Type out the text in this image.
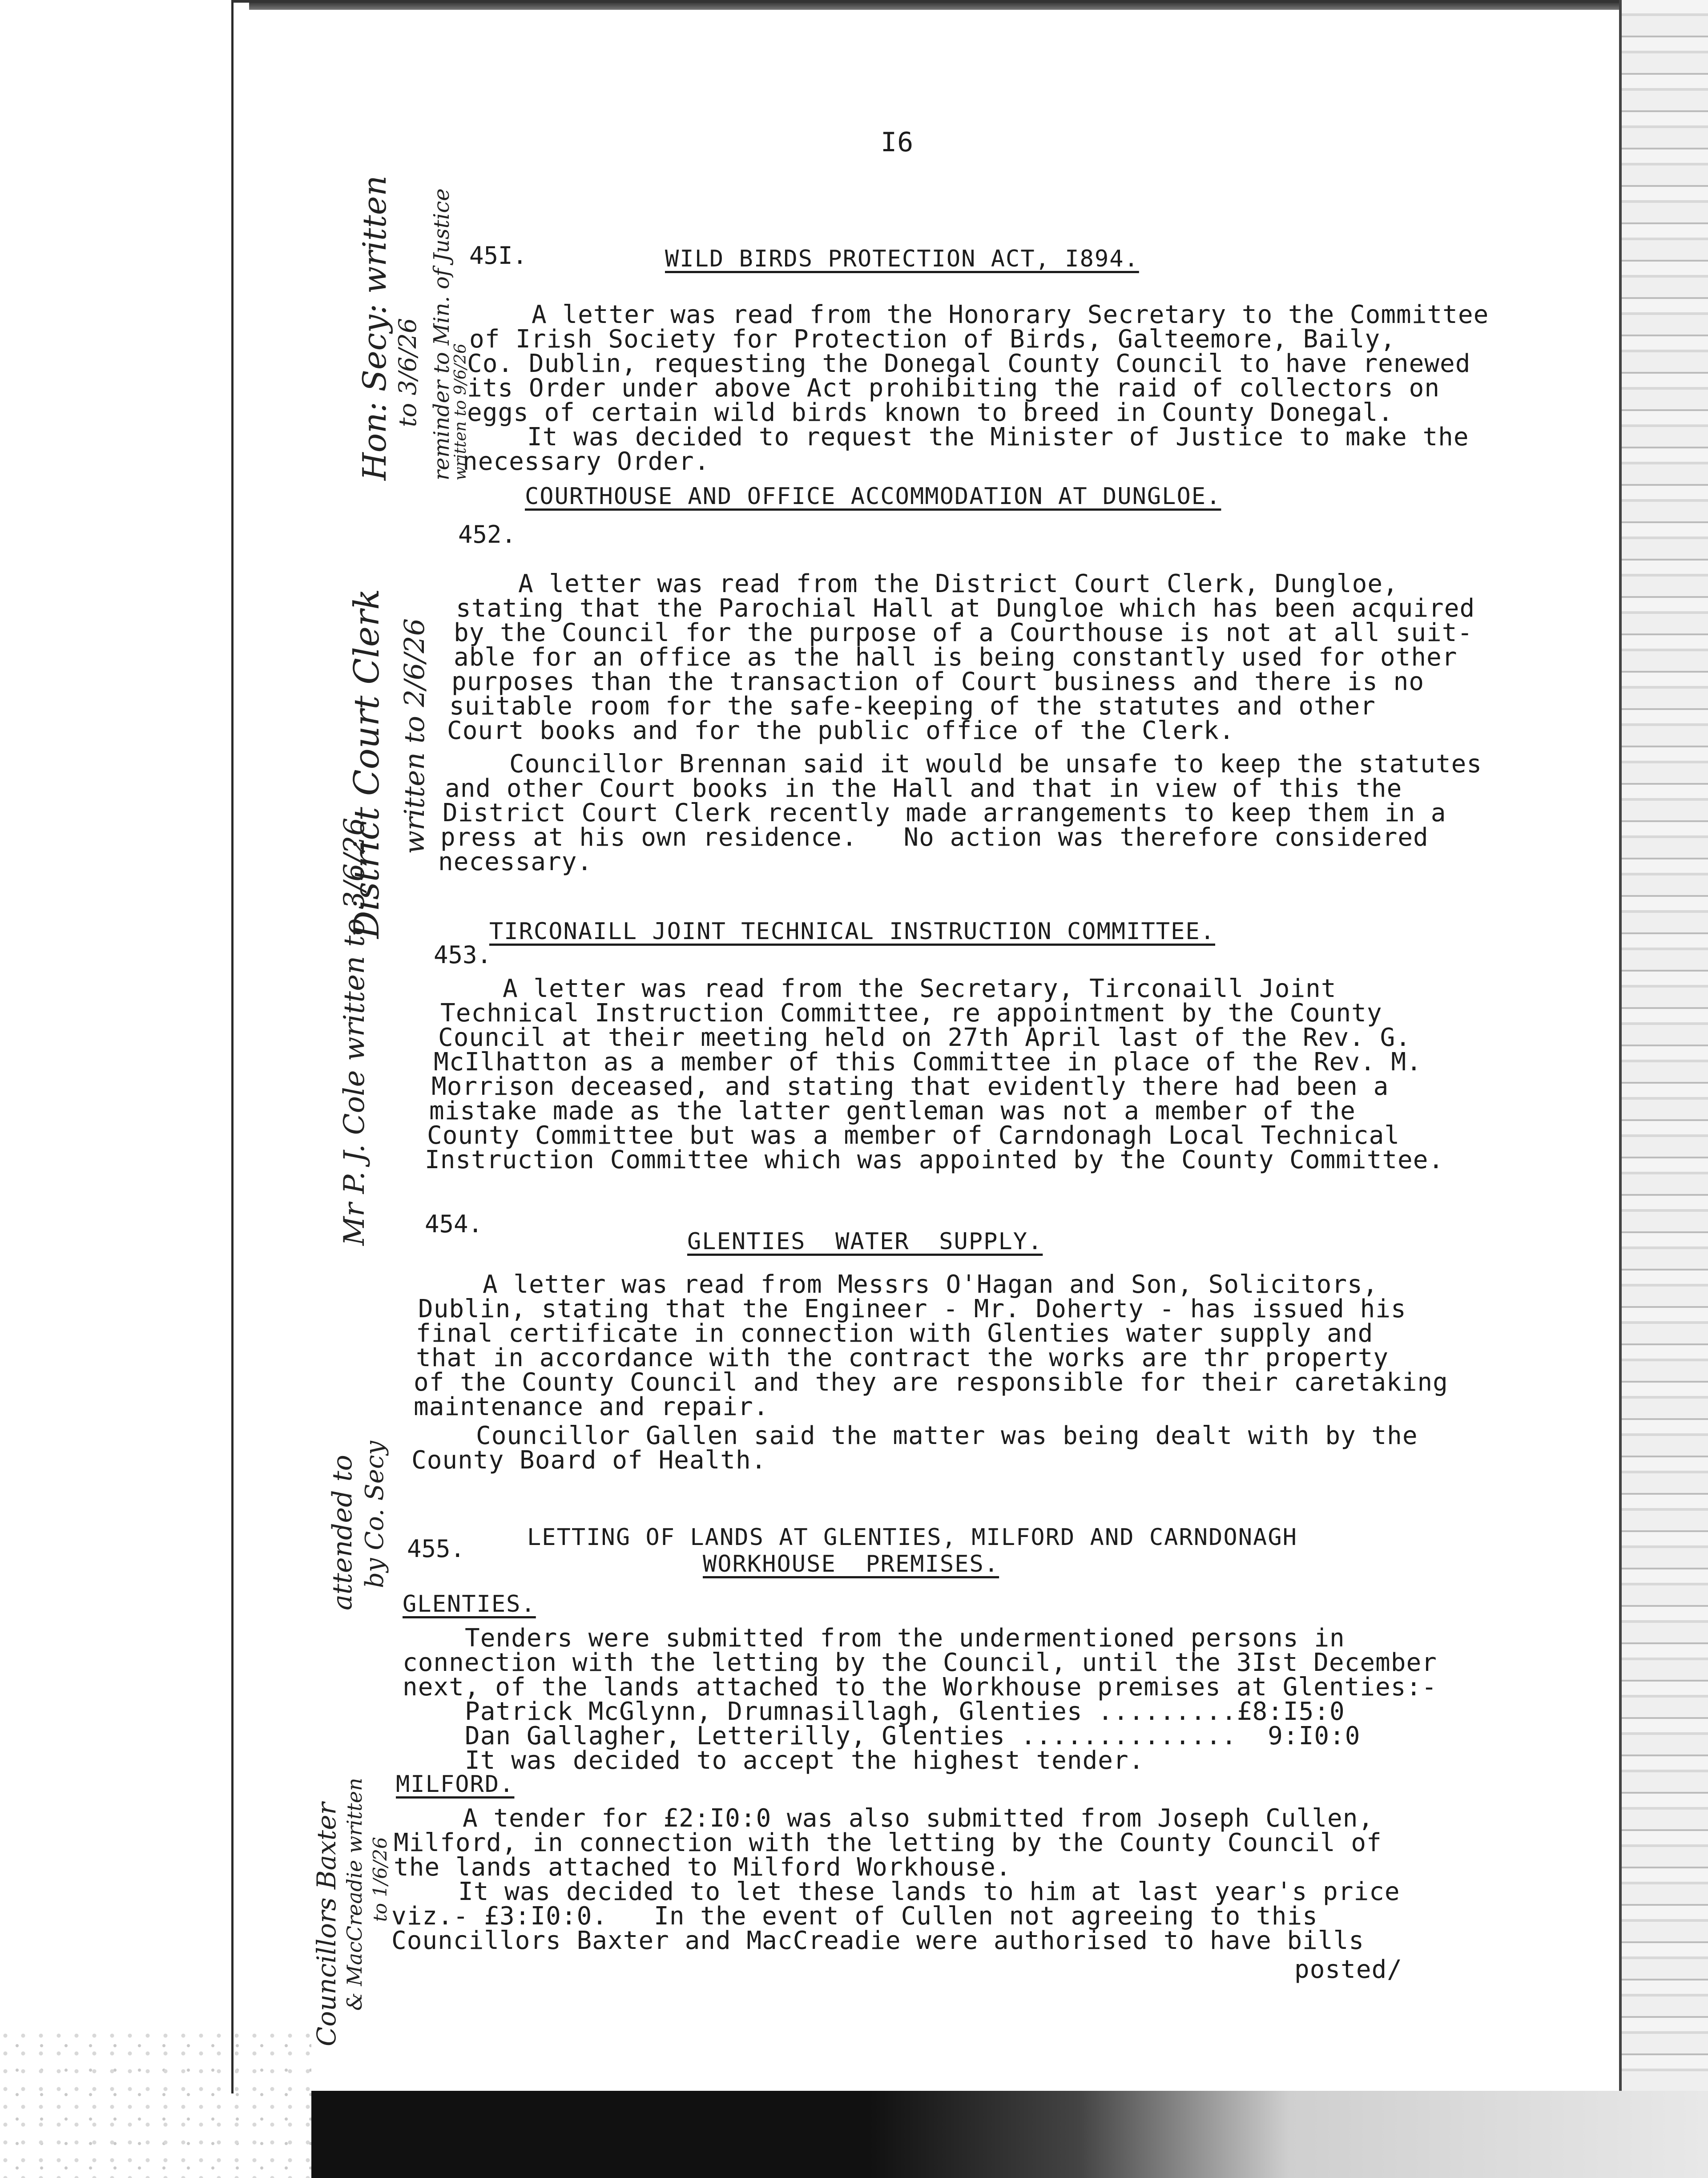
I6
45I.	WILD BIRDS PROTECTION ACT, I894.
A letter was read from the Honorary Secretary to the Committee
of Irish Society for Protection of Birds, Galteemore, Baily,
Co. Dublin, requesting the Donegal County Council to have renewed
its Order under above Act prohibiting the raid of collectors on
eggs of certain wild birds known to breed in County Donegal.
It was decided to request the Minister of Justice to make the
necessary Order.
COURTHOUSE AND OFFICE ACCOMMODATION AT DUNGLOE.
452.
A letter was read from the District Court Clerk, Dungloe,
stating that the Parochial Hall at Dungloe which has been acquired
by the Council for the purpose of a Courthouse is not at all suit-
able for an office as the hall is being constantly used for other
purposes than the transaction of Court business and there is no
suitable room for the safe-keeping of the statutes and other
Court books and for the public office of the Clerk.
Councillor Brennan said it would be unsafe to keep the statutes
and other Court books in the Hall and that in view of this the
District Court Clerk recently made arrangements to keep them in a
press at his own residence.   No action was therefore considered
necessary.
TIRCONAILL JOINT TECHNICAL INSTRUCTION COMMITTEE.
453.
A letter was read from the Secretary, Tirconaill Joint
Technical Instruction Committee, re appointment by the County
Council at their meeting held on 27th April last of the Rev. G.
McIlhatton as a member of this Committee in place of the Rev. M.
Morrison deceased, and stating that evidently there had been a
mistake made as the latter gentleman was not a member of the
County Committee but was a member of Carndonagh Local Technical
Instruction Committee which was appointed by the County Committee.
454.
GLENTIES  WATER  SUPPLY.
A letter was read from Messrs O'Hagan and Son, Solicitors,
Dublin, stating that the Engineer - Mr. Doherty - has issued his
final certificate in connection with Glenties water supply and
that in accordance with the contract the works are thr property
of the County Council and they are responsible for their caretaking
maintenance and repair.
Councillor Gallen said the matter was being dealt with by the
County Board of Health.
455.	LETTING OF LANDS AT GLENTIES, MILFORD AND CARNDONAGH
WORKHOUSE  PREMISES.
GLENTIES.
Tenders were submitted from the undermentioned persons in
connection with the letting by the Council, until the 3Ist December
next, of the lands attached to the Workhouse premises at Glenties:-
Patrick McGlynn, Drumnasillagh, Glenties .........£8:I5:0
Dan Gallagher, Letterilly, Glenties ..............  9:I0:0
It was decided to accept the highest tender.
MILFORD.
A tender for £2:I0:0 was also submitted from Joseph Cullen,
Milford, in connection with the letting by the County Council of
the lands attached to Milford Workhouse.
It was decided to let these lands to him at last year's price
viz.- £3:I0:0.   In the event of Cullen not agreeing to this
Councillors Baxter and MacCreadie were authorised to have bills
posted/
Hon: Secy: written to 3/6/26 reminder to Min. of Justice
written to 9/6/26
District Court Clerk written to 2/6/26
Mr P. J. Cole written to 3/6/26
attended to by Co. Secy
Councillors Baxter & MacCreadie written to 1/6/26
